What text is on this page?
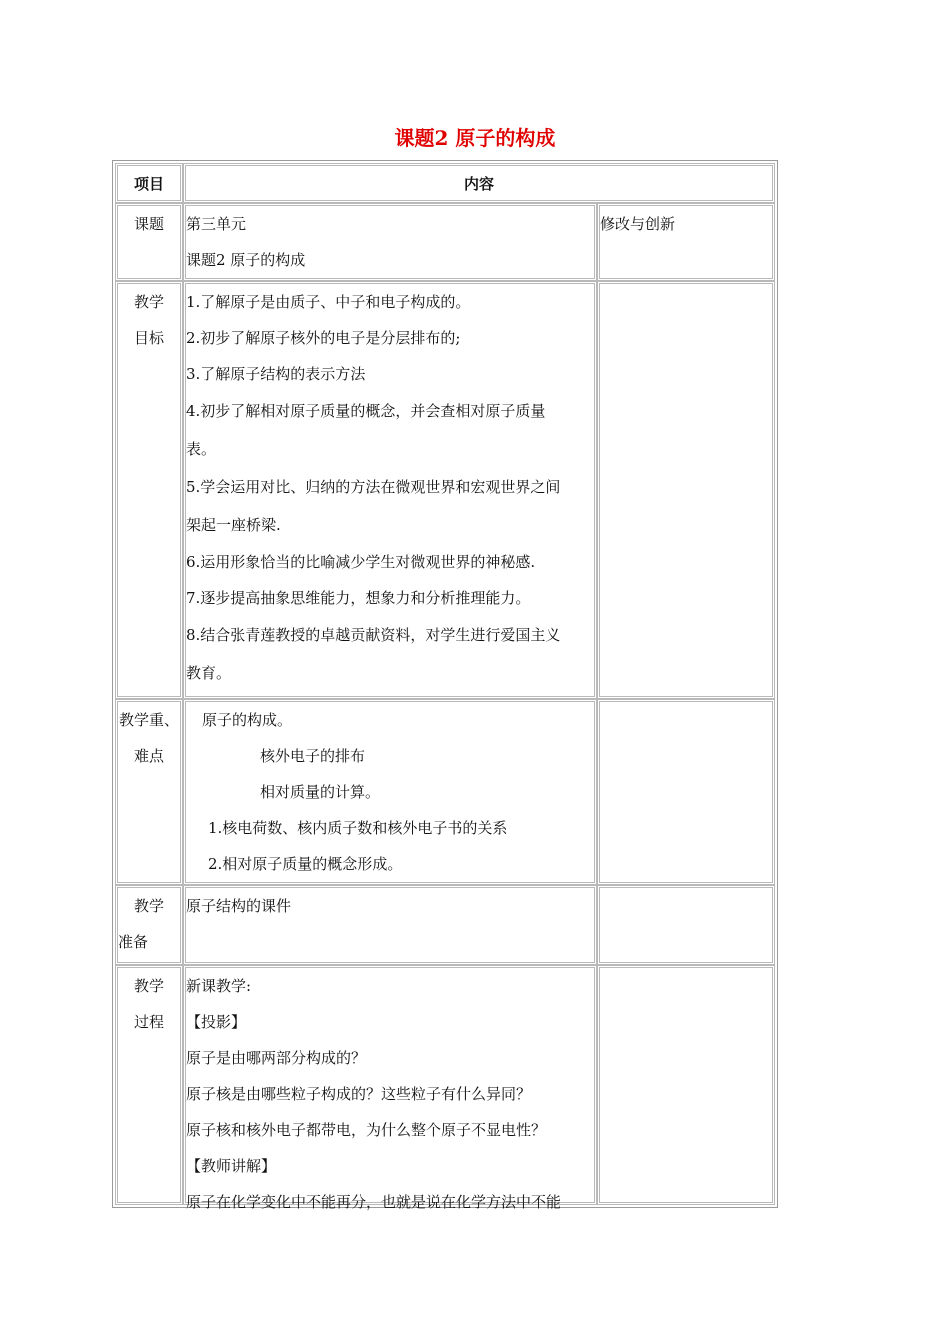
课题2 原子的构成
项目	内容
课题	第三单元
课题2 原子的构成
修改与创新
教学
目标
1.了解原子是由质子、中子和电子构成的。
2.初步了解原子核外的电子是分层排布的;
3.了解原子结构的表示方法
4.初步了解相对原子质量的概念，并会查相对原子质量
表。
5.学会运用对比、归纳的方法在微观世界和宏观世界之间
架起一座桥梁.
6.运用形象恰当的比喻减少学生对微观世界的神秘感.
7.逐步提高抽象思维能力，想象力和分析推理能力。
8.结合张青莲教授的卓越贡献资料，对学生进行爱国主义
教育。
教学重、
难点
原子的构成。
核外电子的排布
相对质量的计算。
1.核电荷数、核内质子数和核外电子书的关系
2.相对原子质量的概念形成。
教学
准备
原子结构的课件
教学
过程
新课教学:
【投影】
原子是由哪两部分构成的？
原子核是由哪些粒子构成的？这些粒子有什么异同？
原子核和核外电子都带电，为什么整个原子不显电性？
【教师讲解】
原子在化学变化中不能再分，也就是说在化学方法中不能
